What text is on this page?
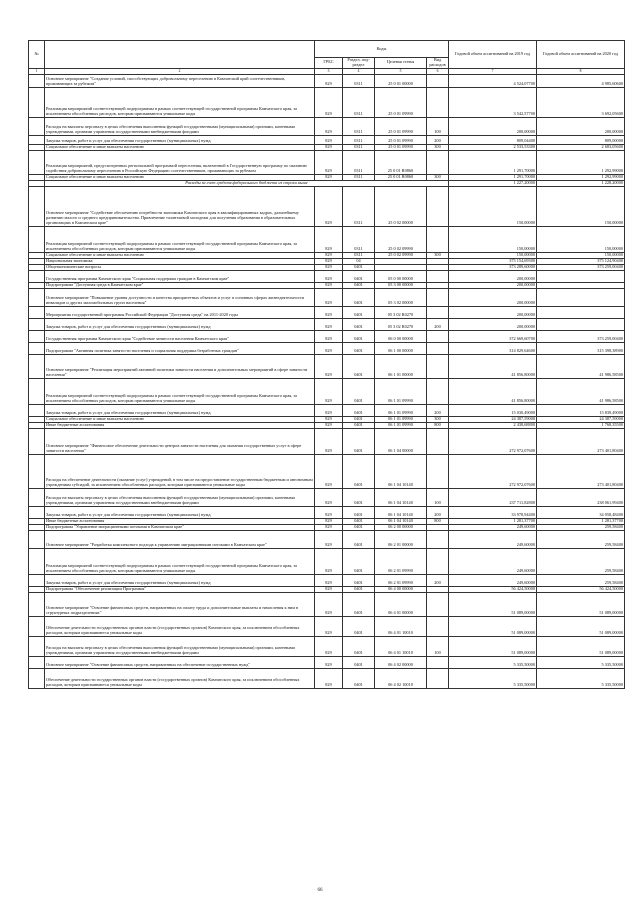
№		Коды				Годовой объем ассигнований на 2019 год	Годовой объем ассигнований на 2020 год
		ГРБС	Раздел, под-раздел	Целевая статья	Вид расходов		
1	2	3	4	5	6	7	8
	Основное мероприятие "Создание условий, способствующих добровольному переселению в Камчатский край соотечественников, проживающих за рубежом"	829	0311	25 0 01 00000		4 524,07700	4 985,60600
	Реализация мероприятий соответствующей подпрограммы в рамках соответствующей государственной программы Камчатского края, за исключением обособленных расходов, которым присваиваются уникальные коды	829	0311	25 0 01 09990		3 542,57700	3 692,05600
	Расходы на выплаты персоналу в целях обеспечения выполнения функций государственными (муниципальными) органами, казенными учреждениями, органами управления государственными внебюджетными фондами	829	0311	25 0 01 09990	100	200,00000	200,00000
	Закупка товаров, работ и услуг для обеспечения государственных (муниципальных) нужд	829	0311	25 0 01 09990	200	809,04400	809,00000
	Социальное обеспечение и иные выплаты населению	829	0311	25 0 01 09990	300	2 533,53300	2 683,05600
	Реализация мероприятий, предусмотренных региональной программой переселения, включенной в Государственную программу по оказанию содействия добровольному переселению в Российскую Федерацию соотечественников, проживающих за рубежом	829	0311	25 0 01 R0860		1 291,70000	1 292,99000
	Социальное обеспечение и иные выплаты населению	829	0311	25 0 01 R0860	300	1 291,70000	1 292,99000
	Расходы за счет средств федерального бюджета из строки выше					1 227,20000	1 228,20000
	Основное мероприятие "Содействие обеспечению потребности экономики Камчатского края в квалифицированных кадрах, дальнейшему развитию малого и среднего предпринимательства. Привлечение талантливой молодежи для получения образования в образовательных организациях в Камчатском крае"	829	0311	25 0 02 00000		150,00000	150,00000
	Реализация мероприятий соответствующей подпрограммы в рамках соответствующей государственной программы Камчатского края, за исключением обособленных расходов, которым присваиваются уникальные коды	829	0311	25 0 02 09990		150,00000	150,00000
	Социальное обеспечение и иные выплаты населению	829	0311	25 0 02 09990	300	150,00000	150,00000
	Национальная экономика	829	04			375 154,69300	375 124,90400
	Общеэкономические вопросы	829	0401			373 289,60000	373 259,00400
	Государственная программа Камчатского края "Социальная поддержка граждан в Камчатском крае"	829	0401	05 0 00 00000		200,00000	
	Подпрограмма "Доступная среда в Камчатском крае"	829	0401	05 3 00 00000		200,00000	
	Основное мероприятие "Повышение уровня доступности и качества приоритетных объектов и услуг в основных сферах жизнедеятельности инвалидов и других маломобильных групп населения"	829	0401	05 3 02 00000		200,00000	
	Мероприятия государственной программы Российской Федерации "Доступная среда" на 2011-2020 годы	829	0401	05 3 02 R0270		200,00000	
	Закупка товаров, работ и услуг для обеспечения государственных (муниципальных) нужд	829	0401	05 3 02 R0270	200	200,00000	
	Государственная программа Камчатского края "Содействие занятости населения Камчатского края"	829	0401	06 0 00 00000		372 669,60700	373 259,00400
	Подпрограмма "Активная политика занятости населения и социальная поддержка безработных граждан"	829	0401	06 1 00 00000		314 829,64600	315 398,38900
	Основное мероприятие "Реализация мероприятий активной политики занятости населения и дополнительных мероприятий в сфере занятости населения"	829	0401	06 1 01 00000		41 856,80000	41 986,58500
	Реализация мероприятий соответствующей подпрограммы в рамках соответствующей государственной программы Камчатского края, за исключением обособленных расходов, которым присваиваются уникальные коды	829	0401	06 1 01 09990		41 856,80000	41 986,58500
	Закупка товаров, работ и услуг для обеспечения государственных (муниципальных) нужд	829	0401	06 1 01 09990	200	15 030,49000	15 839,49000
	Социальное обеспечение и иные выплаты населению	829	0401	06 1 01 09990	300	24 387,59000	24 387,59000
	Иные бюджетные ассигнования	829	0401	06 1 01 09990	800	2 438,68800	1 768,35500
	Основное мероприятие "Финансовое обеспечение деятельности центров занятости населения для оказания государственных услуг в сфере занятости населения"	829	0401	06 1 04 00000		272 972,07600	273 401,80400
	Расходы на обеспечение деятельности (оказание услуг) учреждений, в том числе на предоставление государственным бюджетным и автономным учреждениям субсидий, за исключением обособленных расходов, которым присваиваются уникальные коды	829	0401	06 1 04 10140		272 972,07600	273 401,80400
	Расходы на выплаты персоналу в целях обеспечения выполнения функций государственными (муниципальными) органами, казенными учреждениями, органами управления государственными внебюджетными фондами	829	0401	06 1 04 10140	100	237 711,82800	238 061,99400
	Закупка товаров, работ и услуг для обеспечения государственных (муниципальных) нужд	829	0401	06 1 04 10140	200	33 978,94400	34 058,48400
	Иные бюджетные ассигнования	829	0401	06 1 04 10140	800	1 281,37700	1 281,37700
	Подпрограмма "Управление миграционными потоками в Камчатском крае"	829	0401	06 2 00 00000		249,60000	259,58400
	Основное мероприятие "Разработка комплексного подхода к управлению миграционными потоками в Камчатском крае"	829	0401	06 2 01 00000		249,60000	259,58400
	Реализация мероприятий соответствующей подпрограммы в рамках соответствующей государственной программы Камчатского края, за исключением обособленных расходов, которым присваиваются уникальные коды	829	0401	06 2 01 09990		249,60000	259,58400
	Закупка товаров, работ и услуг для обеспечения государственных (муниципальных) нужд	829	0401	06 2 01 09990	200	249,60000	259,58400
	Подпрограмма "Обеспечение реализации Программы"	829	0401	06 4 00 00000		56 424,50000	56 424,50000
	Основное мероприятие "Освоение финансовых средств, направленных на оплату труда и дополнительные выплаты и начисления к ним в структурных подразделениях"	829	0401	06 4 01 00000		51 089,00000	51 089,00000
	Обеспечение деятельности государственных органов власти (государственных органов) Камчатского края, за исключением обособленных расходов, которым присваиваются уникальные коды	829	0401	06 4 01 10010		51 089,00000	51 089,00000
	Расходы на выплаты персоналу в целях обеспечения выполнения функций государственными (муниципальными) органами, казенными учреждениями, органами управления государственными внебюджетными фондами	829	0401	06 4 01 10010	100	51 089,00000	51 089,00000
	Основное мероприятие "Освоение финансовых средств, направленных на обеспечение государственных нужд"	829	0401	06 4 02 00000		5 335,50000	5 335,50000
	Обеспечение деятельности государственных органов власти (государственных органов) Камчатского края, за исключением обособленных расходов, которым присваиваются уникальные коды	829	0401	06 4 02 10010		5 335,50000	5 335,50000
66
